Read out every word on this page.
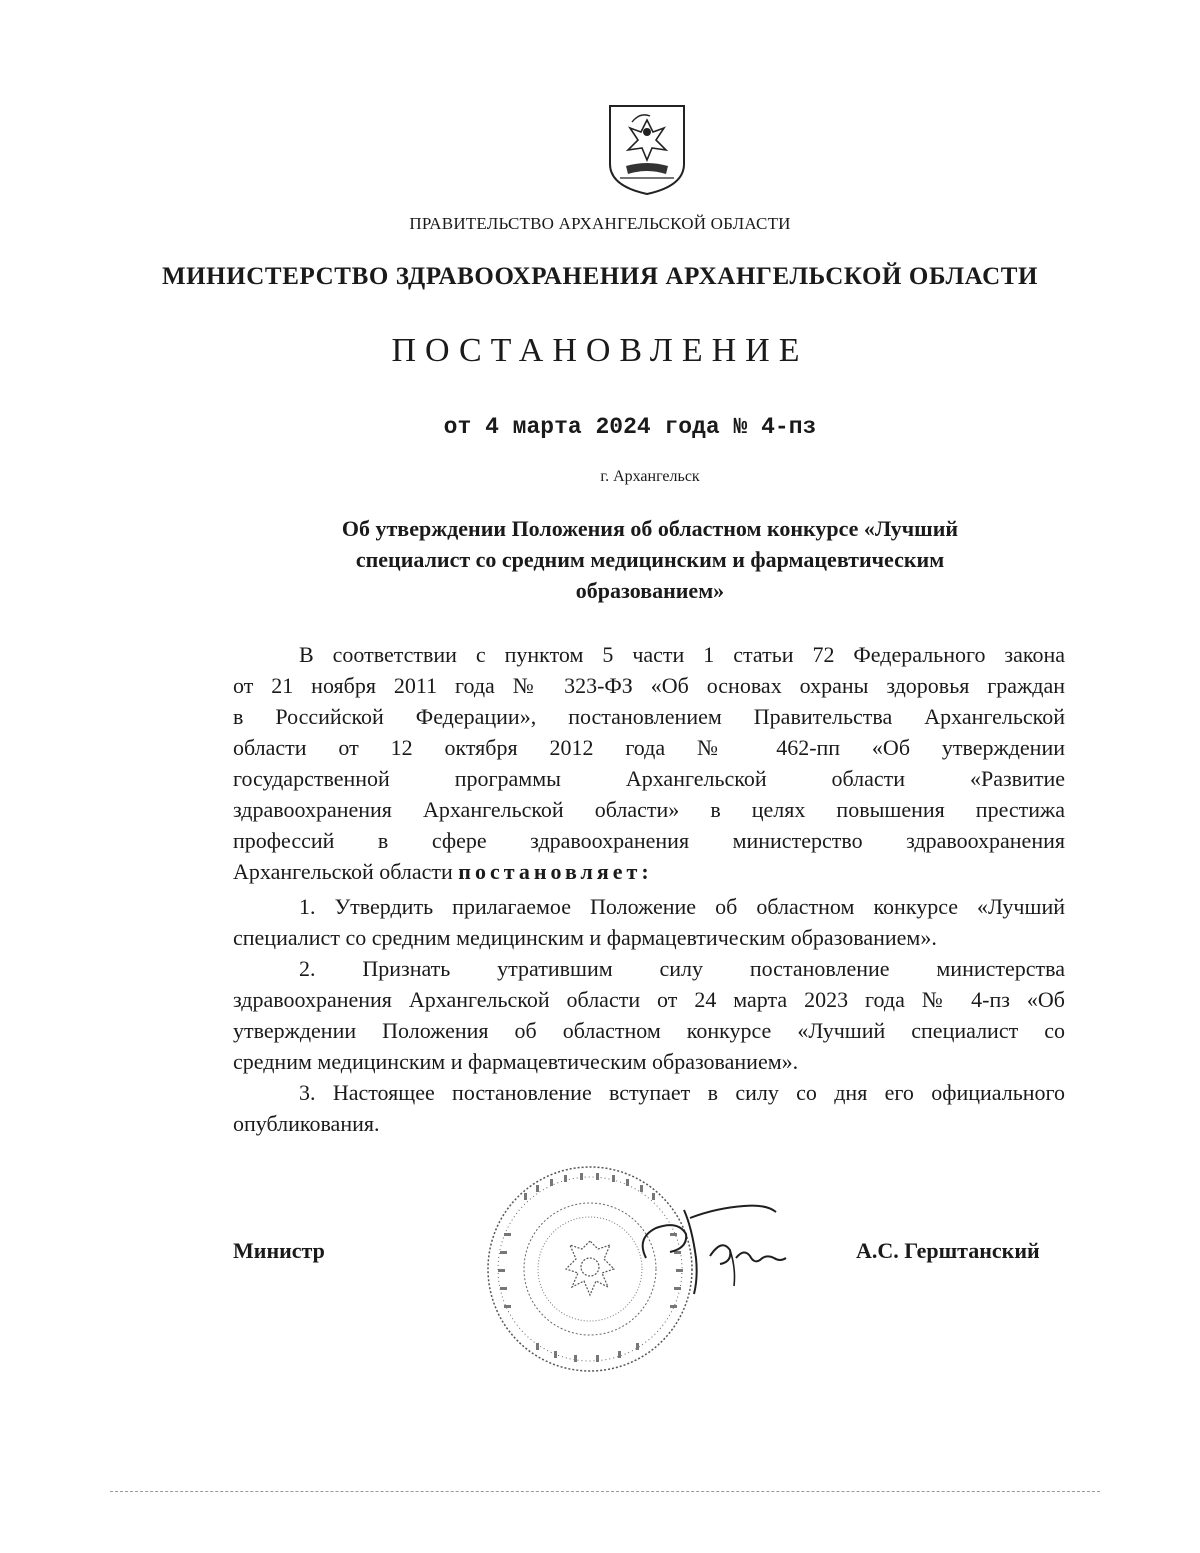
ПРАВИТЕЛЬСТВО АРХАНГЕЛЬСКОЙ ОБЛАСТИ
МИНИСТЕРСТВО ЗДРАВООХРАНЕНИЯ АРХАНГЕЛЬСКОЙ ОБЛАСТИ
ПОСТАНОВЛЕНИЕ
от 4 марта 2024 года № 4-пз
г. Архангельск
Об утверждении Положения об областном конкурсе «Лучший
специалист со средним медицинским и фармацевтическим
образованием»
В соответствии с пунктом 5 части 1 статьи 72 Федерального закона
от 21 ноября 2011 года № 323-ФЗ «Об основах охраны здоровья граждан
в Российской Федерации», постановлением Правительства Архангельской
области от 12 октября 2012 года № 462-пп «Об утверждении
государственной программы Архангельской области «Развитие
здравоохранения Архангельской области» в целях повышения престижа
профессий в сфере здравоохранения министерство здравоохранения
Архангельской области постановляет:
1. Утвердить прилагаемое Положение об областном конкурсе «Лучший
специалист со средним медицинским и фармацевтическим образованием».
2. Признать утратившим силу постановление министерства
здравоохранения Архангельской области от 24 марта 2023 года № 4-пз «Об
утверждении Положения об областном конкурсе «Лучший специалист со
средним медицинским и фармацевтическим образованием».
3. Настоящее постановление вступает в силу со дня его официального
опубликования.
Министр	А.С. Герштанский
